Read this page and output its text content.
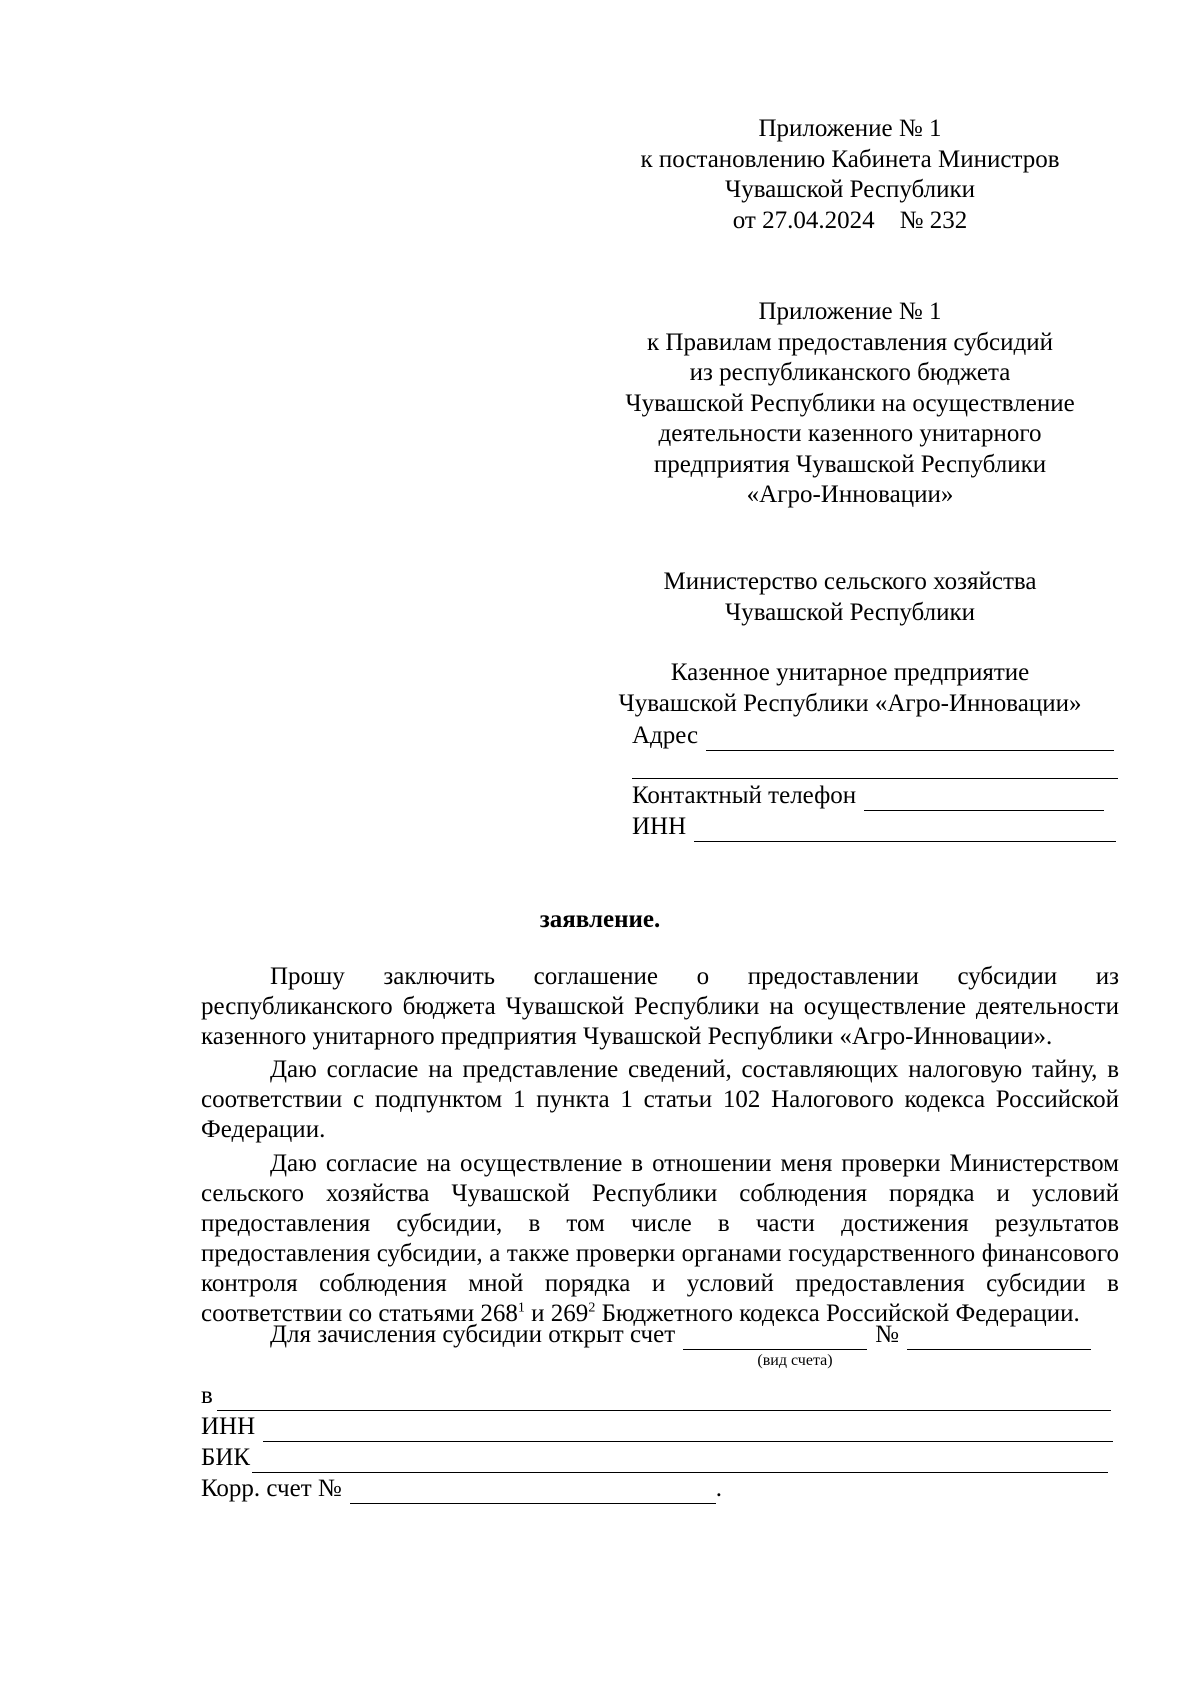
Приложение № 1
к постановлению Кабинета Министров
Чувашской Республики
от 27.04.2024    № 232
Приложение № 1
к Правилам предоставления субсидий
из республиканского бюджета
Чувашской Республики на осуществление
деятельности казенного унитарного
предприятия Чувашской Республики
«Агро-Инновации»
Министерство сельского хозяйства
Чувашской Республики
Казенное унитарное предприятие
Чувашской Республики «Агро-Инновации»
Адрес
Контактный телефон
ИНН
заявление.

Прошу заключить соглашение о предоставлении субсидии из республиканского бюджета Чувашской Республики на осуществление деятельности казенного унитарного предприятия Чувашской Республики «Агро-Инновации».

Даю согласие на представление сведений, составляющих налоговую тайну, в соответствии с подпунктом 1 пункта 1 статьи 102 Налогового кодекса Российской Федерации.

Даю согласие на осуществление в отношении меня проверки Министерством сельского хозяйства Чувашской Республики соблюдения порядка и условий предоставления субсидии, в том числе в части достижения результатов предоставления субсидии, а также проверки органами государственного финансового контроля соблюдения мной порядка и условий предоставления субсидии в соответствии со статьями $268^1$ и $269^2$ Бюджетного кодекса Российской Федерации.

Для зачисления субсидии открыт счет	№
(вид счета)
в
ИНН
БИК
Корр. счет №	.
